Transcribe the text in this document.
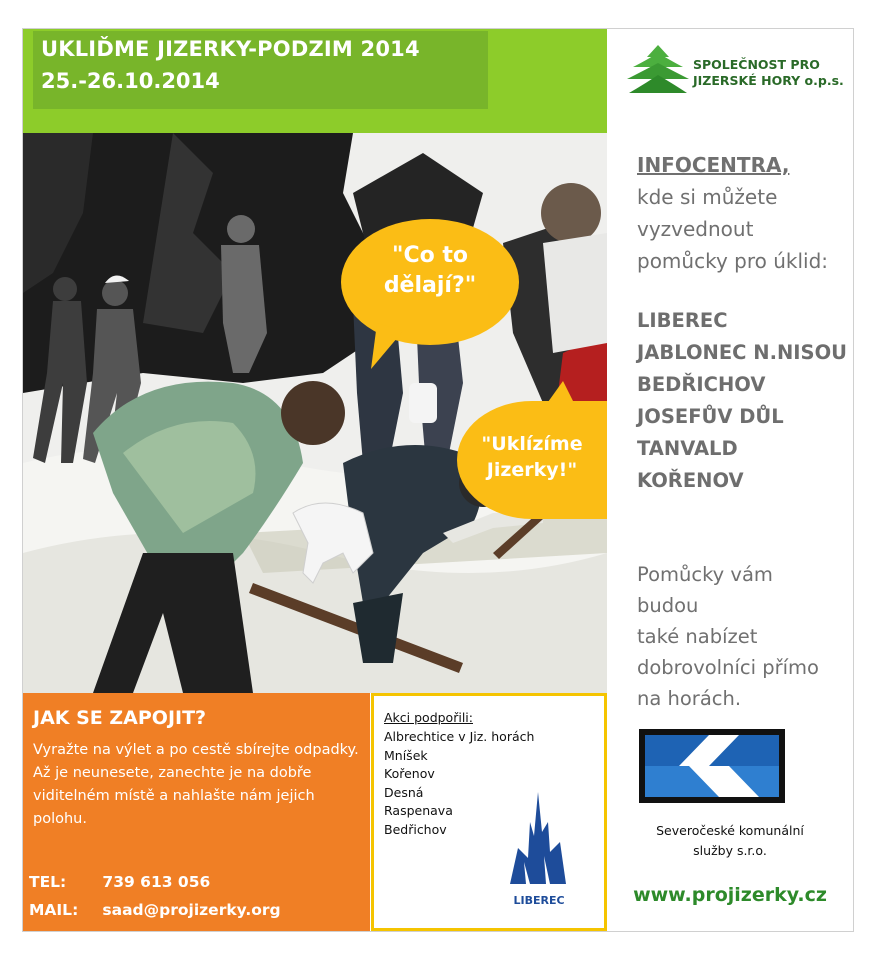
UKLIĎME JIZERKY-PODZIM 2014
25.-26.10.2014
"Co to
dělají?"
"Uklízíme
Jizerky!"
JAK SE ZAPOJIT?
Vyražte na výlet a po cestě sbírejte odpadky. Až je neunesete, zanechte je na dobře viditelném místě a nahlašte nám jejich polohu.
TEL: 739 613 056
MAIL: saad@projizerky.org
Akci podpořili:
Albrechtice v Jiz. horách
Mníšek
Kořenov
Desná
Raspenava
Bedřichov
LIBEREC
SPOLEČNOST PRO
JIZERSKÉ HORY o.p.s.
INFOCENTRA,
kde si můžete
vyzvednout
pomůcky pro úklid:
LIBEREC
JABLONEC N.NISOU
BEDŘICHOV
JOSEFŮV DŮL
TANVALD
KOŘENOV
Pomůcky vám
budou
také nabízet
dobrovolníci přímo
na horách.
Severočeské komunální
služby s.r.o.
www.projizerky.cz
